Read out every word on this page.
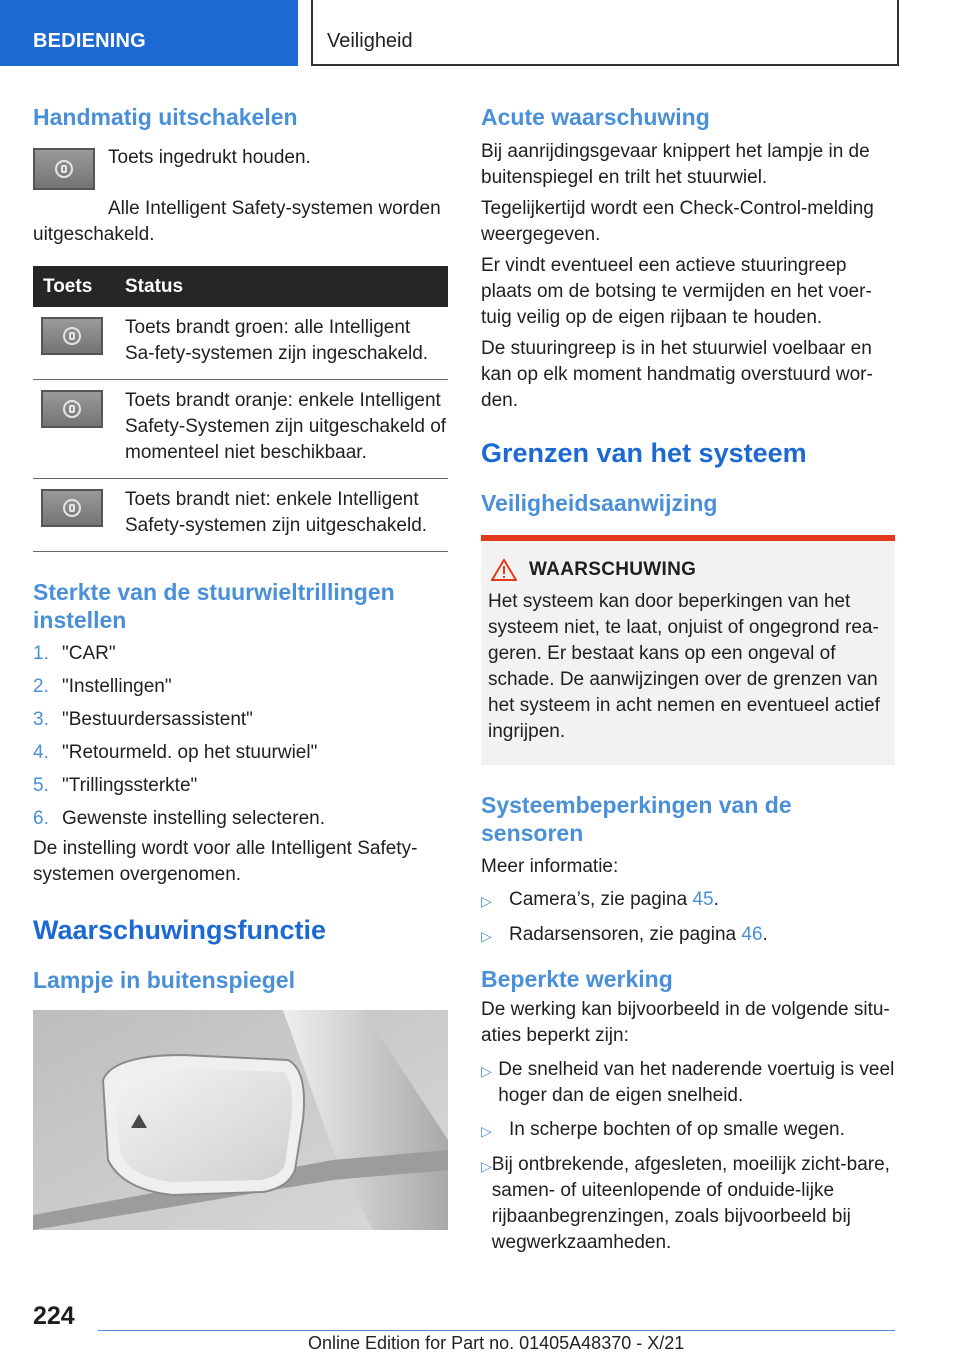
BEDIENING	Veiligheid
Handmatig uitschakelen

Toets ingedrukt houden.

Alle Intelligent Safety-systemen worden uitgeschakeld.

Toets	Status

	Toets brandt groen: alle Intelligent Sa-fety-systemen zijn ingeschakeld.

	Toets brandt oranje: enkele Intelligent Safety-Systemen zijn uitgeschakeld of momenteel niet beschikbaar.

	Toets brandt niet: enkele Intelligent Safety-systemen zijn uitgeschakeld.
Sterkte van de stuurwieltrillingen instellen
1. "CAR"
2. "Instellingen"
3. "Bestuurdersassistent"
4. "Retourmeld. op het stuurwiel"
5. "Trillingssterkte"
6. Gewenste instelling selecteren.

De instelling wordt voor alle Intelligent Safety-systemen overgenomen.

Waarschuwingsfunctie
Lampje in buitenspiegel
Acute waarschuwing

Bij aanrijdingsgevaar knippert het lampje in de buitenspiegel en trilt het stuurwiel.

Tegelijkertijd wordt een Check-Control-melding weergegeven.

Er vindt eventueel een actieve stuuringreep plaats om de botsing te vermijden en het voer-tuig veilig op de eigen rijbaan te houden.

De stuuringreep is in het stuurwiel voelbaar en kan op elk moment handmatig overstuurd wor-den.

Grenzen van het systeem
Veiligheidsaanwijzing
WAARSCHUWING

Het systeem kan door beperkingen van het systeem niet, te laat, onjuist of ongegrond rea-geren. Er bestaat kans op een ongeval of schade. De aanwijzingen over de grenzen van het systeem in acht nemen en eventueel actief ingrijpen.

Systeembeperkingen van de sensoren

Meer informatie:

▷ Camera’s, zie pagina 45.
▷ Radarsensoren, zie pagina 46.
Beperkte werking

De werking kan bijvoorbeeld in de volgende situ-aties beperkt zijn:

▷ De snelheid van het naderende voertuig is veel hoger dan de eigen snelheid.
▷ In scherpe bochten of op smalle wegen.
▷ Bij ontbrekende, afgesleten, moeilijk zicht-bare, samen- of uiteenlopende of onduide-lijke rijbaanbegrenzingen, zoals bijvoorbeeld bij wegwerkzaamheden.
224
Online Edition for Part no. 01405A48370 - X/21
